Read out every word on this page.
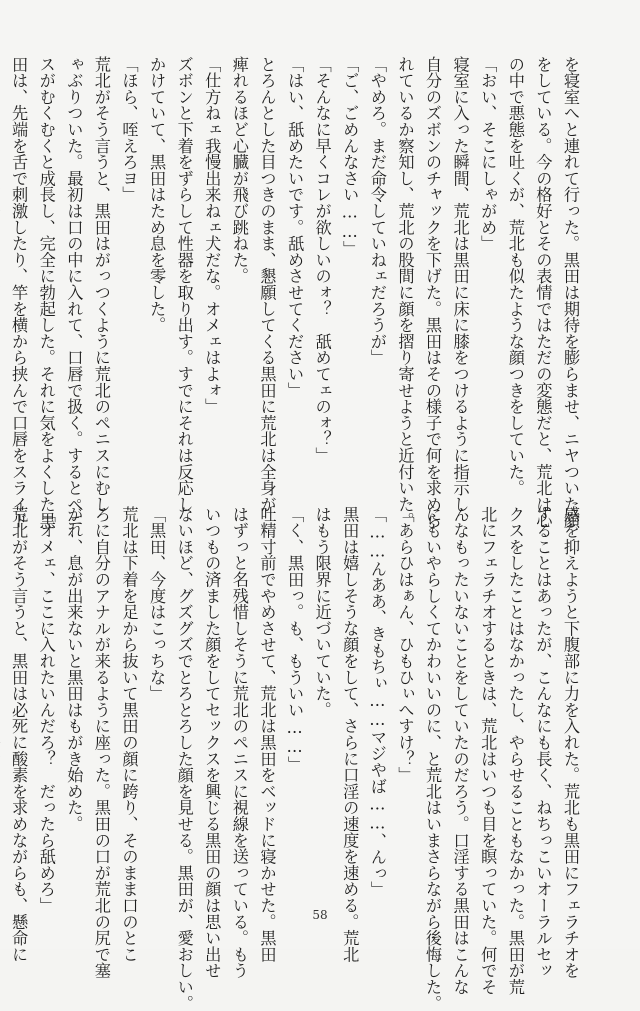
を寝室へと連れて行った。黒田は期待を膨らませ、ニヤついた顔
をしている。今の格好とその表情ではただの変態だと、荒北は心
の中で悪態を吐くが、荒北も似たような顔つきをしていた。
「おい、そこにしゃがめ」
寝室に入った瞬間、荒北は黒田に床に膝をつけるように指示し、
自分のズボンのチャックを下げた。黒田はその様子で何を求めら
れているか察知し、荒北の股間に顔を摺り寄せようと近付いた。
「やめろ。まだ命令していねェだろうが」
「ご、ごめんなさい……」
「そんなに早くコレが欲しいのォ？　舐めてェのォ？」
「はい、舐めたいです。舐めさせてください」
とろんとした目つきのまま、懇願してくる黒田に荒北は全身が
痺れるほど心臓が飛び跳ねた。
「仕方ねェ我慢出来ねェ犬だな。オメェはよォ」
ズボンと下着をずらして性器を取り出す。すでにそれは反応し
かけていて、黒田はため息を零した。
「ほら、咥えろヨ」
荒北がそう言うと、黒田はがっつくように荒北のペニスにむし
ゃぶりついた。最初は口の中に入れて、口唇で扱く。するとペニ
スがむくむくと成長し、完全に勃起した。それに気をよくした黒
田は、先端を舌で刺激したり、竿を横から挟んで口唇をスライド
感を抑えようと下腹部に力を入れた。荒北も黒田にフェラチオを
することはあったが、こんなにも長く、ねちっこいオーラルセッ
クスをしたことはなかったし、やらせることもなかった。黒田が荒
北にフェラチオするときは、荒北はいつも目を瞑っていた。何でそ
んなもったいないことをしていたのだろう。口淫する黒田はこんな
にもいやらしくてかわいいのに、と荒北はいまさらながら後悔した。
「あらひはぁん、ひもひぃへすけ？」
「……んああ、きもちぃ……マジやば……、んっ」
黒田は嬉しそうな顔をして、さらに口淫の速度を速める。荒北
はもう限界に近づいていた。
「く、黒田っ。も、もういい……」
吐精寸前でやめさせて、荒北は黒田をベッドに寝かせた。黒田
はずっと名残惜しそうに荒北のペニスに視線を送っている。もう
いつもの済ました顔をしてセックスを興じる黒田の顔は思い出せ
ないほど、グズグズでとろとろした顔を見せる。黒田が、愛おしい。
「黒田、今度はこっちな」
荒北は下着を足から抜いて黒田の顔に跨り、そのまま口のとこ
ろに自分のアナルが来るように座った。黒田の口が荒北の尻で塞
がれ、息が出来ないと黒田はもがき始めた。
「オメェ、ここに入れたいんだろ？　だったら舐めろ」
荒北がそう言うと、黒田は必死に酸素を求めながらも、懸命に	58
